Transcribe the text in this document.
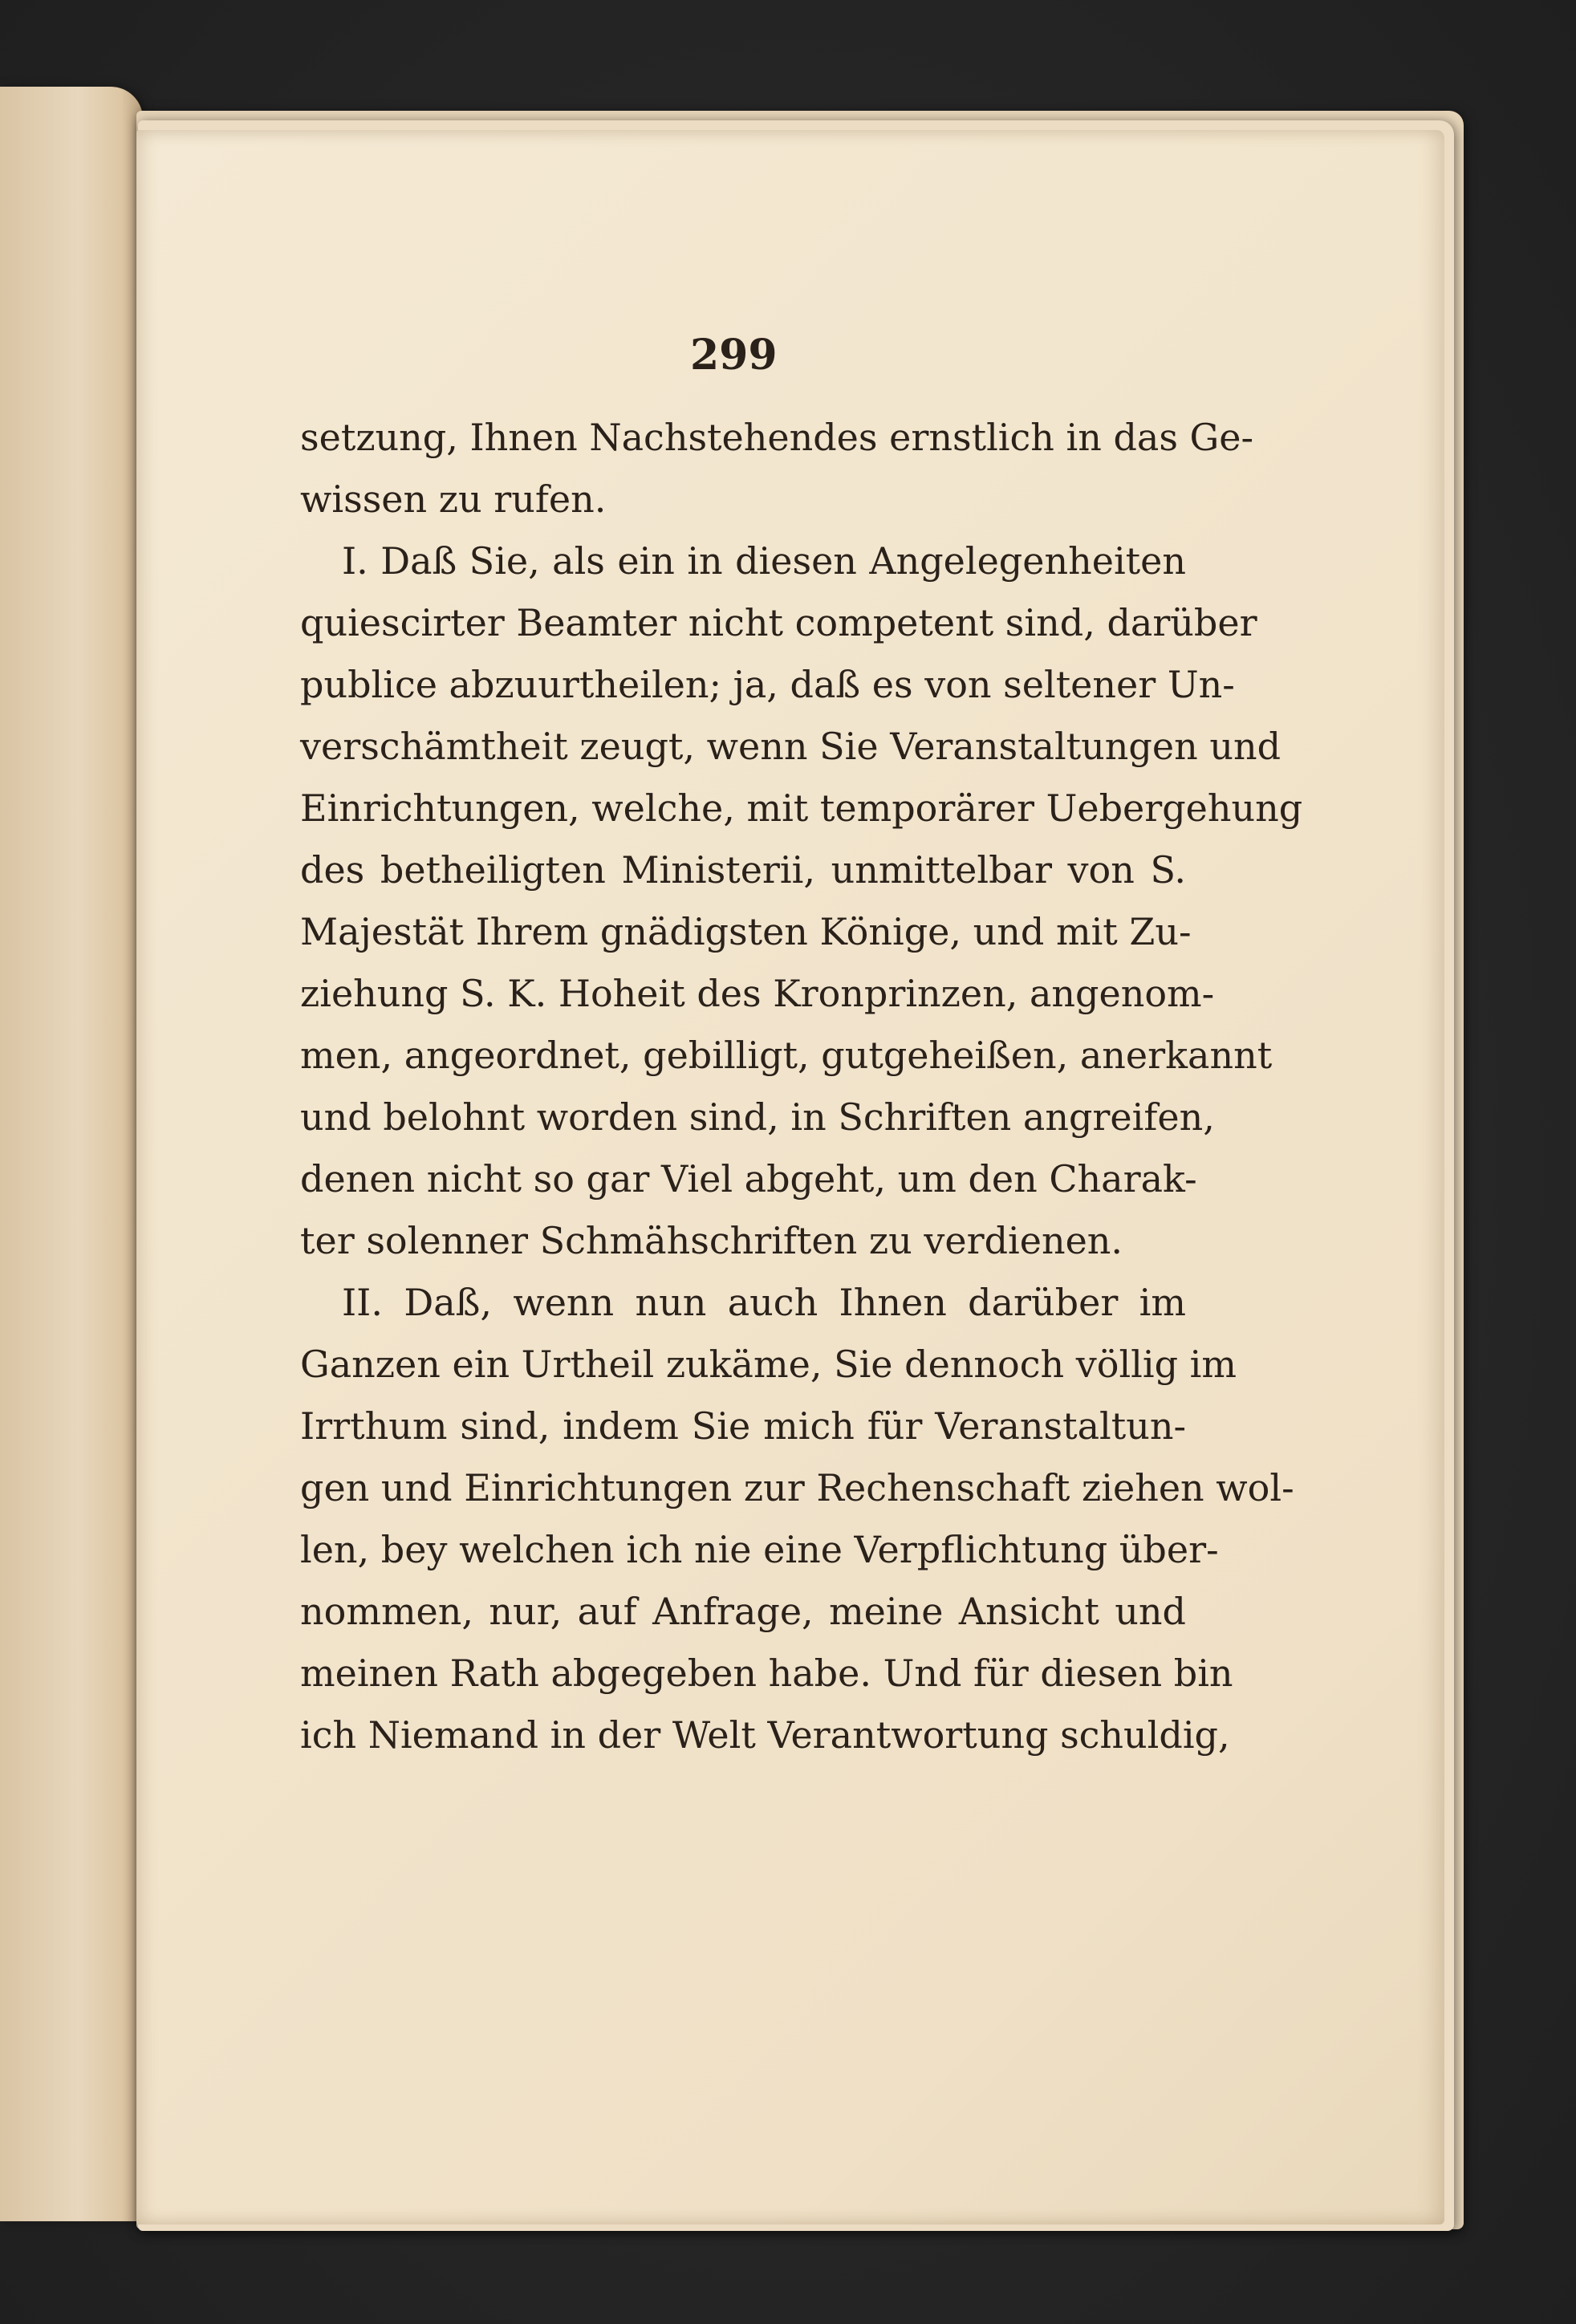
299
setzung, Ihnen Nachstehendes ernstlich in das Ge-
wissen zu rufen.
I. Daß Sie, als ein in diesen Angelegenheiten
quiescirter Beamter nicht competent sind, darüber
publice abzuurtheilen; ja, daß es von seltener Un-
verschämtheit zeugt, wenn Sie Veranstaltungen und
Einrichtungen, welche, mit temporärer Uebergehung
des betheiligten Ministerii, unmittelbar von S.
Majestät Ihrem gnädigsten Könige, und mit Zu-
ziehung S. K. Hoheit des Kronprinzen, angenom-
men, angeordnet, gebilligt, gutgeheißen, anerkannt
und belohnt worden sind, in Schriften angreifen,
denen nicht so gar Viel abgeht, um den Charak-
ter solenner Schmähschriften zu verdienen.
II. Daß, wenn nun auch Ihnen darüber im
Ganzen ein Urtheil zukäme, Sie dennoch völlig im
Irrthum sind, indem Sie mich für Veranstaltun-
gen und Einrichtungen zur Rechenschaft ziehen wol-
len, bey welchen ich nie eine Verpflichtung über-
nommen, nur, auf Anfrage, meine Ansicht und
meinen Rath abgegeben habe. Und für diesen bin
ich Niemand in der Welt Verantwortung schuldig,
